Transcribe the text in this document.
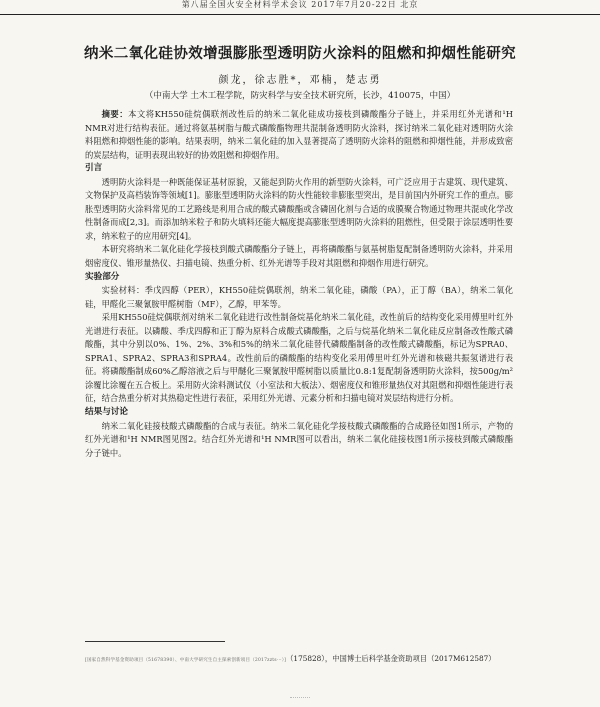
第八届全国火安全材料学术会议 2017年7月20-22日 北京
纳米二氧化硅协效增强膨胀型透明防火涂料的阻燃和抑烟性能研究
颜龙，徐志胜*，邓楠，楚志勇
（中南大学 土木工程学院，防灾科学与安全技术研究所，长沙，410075，中国）

摘要：本文将KH550硅烷偶联剂改性后的纳米二氧化硅成功接枝到磷酸酯分子链上，并采用红外光谱和¹H NMR对进行结构表征。通过将氨基树脂与酸式磷酸酯物理共混制备透明防火涂料，探讨纳米二氧化硅对透明防火涂料阻燃和抑烟性能的影响。结果表明，纳米二氧化硅的加入显著提高了透明防火涂料的阻燃和抑烟性能，并形成致密的炭层结构，证明表现出较好的协效阻燃和抑烟作用。

引言

透明防火涂料是一种既能保证基材原貌，又能起到防火作用的新型防火涂料，可广泛应用于古建筑、现代建筑、文物保护及高档装饰等领域[1]。膨胀型透明防火涂料的防火性能较非膨胀型突出，是目前国内外研究工作的重点。膨胀型透明防火涂料常见的工艺路线是利用合成的酸式磷酸酯或含磷固化剂与合适的成膜聚合物通过物理共混或化学改性制备而成[2,3]。而添加纳米粒子和防火填料还能大幅度提高膨胀型透明防火涂料的阻燃性，但受限于涂层透明性要求，纳米粒子的应用研究[4]。

本研究将纳米二氧化硅化学接枝到酸式磷酸酯分子链上，再将磷酸酯与氨基树脂复配制备透明防火涂料，并采用烟密度仪、锥形量热仪、扫描电镜、热重分析、红外光谱等手段对其阻燃和抑烟作用进行研究。

实验部分

实验材料：季戊四醇（PER），KH550硅烷偶联剂，纳米二氧化硅，磷酸（PA），正丁醇（BA），纳米二氧化硅，甲醛化三聚氰胺甲醛树脂（MF），乙醇，甲苯等。

采用KH550硅烷偶联剂对纳米二氧化硅进行改性制备烷基化纳米二氧化硅，改性前后的结构变化采用傅里叶红外光谱进行表征。以磷酸、季戊四醇和正丁醇为原料合成酸式磷酸酯，之后与烷基化纳米二氧化硅反应制备改性酸式磷酸酯，其中分别以0%、1%、2%、3%和5%的纳米二氧化硅替代磷酸酯制备的改性酸式磷酸酯，标记为SPRA0、SPRA1、SPRA2、SPRA3和SPRA4。改性前后的磷酸酯的结构变化采用傅里叶红外光谱和核磁共振氢谱进行表征。将磷酸酯制成60%乙醇溶液之后与甲醚化三聚氰胺甲醛树脂以质量比0.8:1复配制备透明防火涂料，按500g/m²涂覆比涂覆在五合板上。采用防火涂料测试仪（小室法和大板法）、烟密度仪和锥形量热仪对其阻燃和抑烟性能进行表征，结合热重分析对其热稳定性进行表征，采用红外光谱、元素分析和扫描电镜对炭层结构进行分析。

结果与讨论

纳米二氧化硅接枝酸式磷酸酯的合成与表征。纳米二氧化硅化学接枝酸式磷酸酯的合成路径如图1所示，产物的红外光谱和¹H NMR图见图2。结合红外光谱和¹H NMR图可以看出，纳米二氧化硅接枝图1所示接枝到酸式磷酸酯分子链中。

[国家自然科学基金资助项目（51678390）、中南大学研究生自主探索创新项目（2017zzts···）]（175828），中国博士后科学基金资助项目（2017M612587）
